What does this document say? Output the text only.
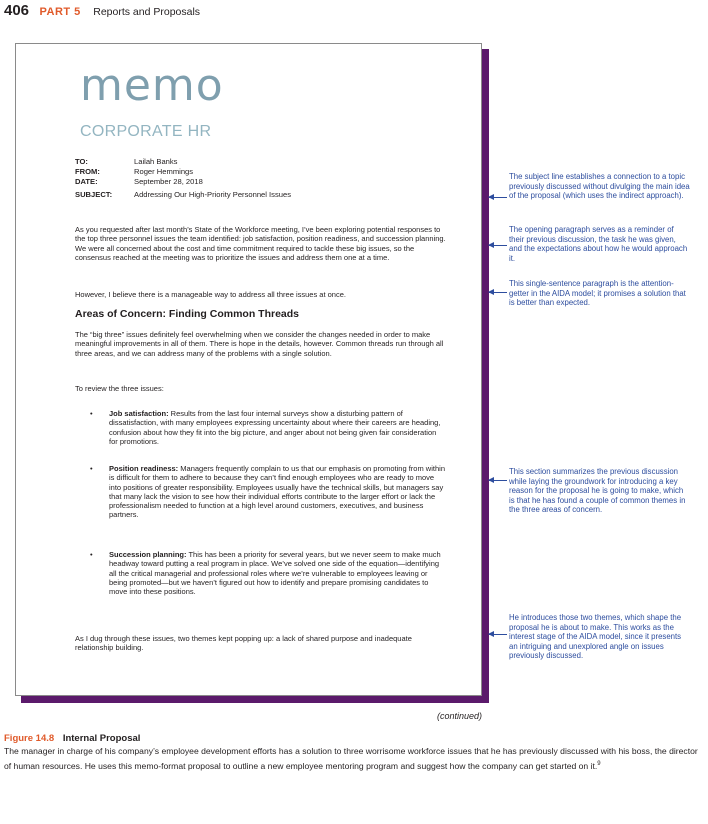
406 PART 5 Reports and Proposals
memo
CORPORATE HR
TO:	Lailah Banks
FROM:	Roger Hemmings
DATE:	September 28, 2018
SUBJECT:	Addressing Our High-Priority Personnel Issues
As you requested after last month’s State of the Workforce meeting, I’ve been exploring potential responses to the top three personnel issues the team identified: job satisfaction, position readiness, and succession planning. We were all concerned about the cost and time commitment required to tackle these big issues, so the consensus reached at the meeting was to prioritize the issues and address them one at a time.
However, I believe there is a manageable way to address all three issues at once.
Areas of Concern: Finding Common Threads
The “big three” issues definitely feel overwhelming when we consider the changes needed in order to make meaningful improvements in all of them. There is hope in the details, however. Common threads run through all three areas, and we can address many of the problems with a single solution.
To review the three issues:
• Job satisfaction: Results from the last four internal surveys show a disturbing pattern of dissatisfaction, with many employees expressing uncertainty about where their careers are heading, confusion about how they fit into the big picture, and anger about not being given fair consideration for promotions.
• Position readiness: Managers frequently complain to us that our emphasis on promoting from within is difficult for them to adhere to because they can’t find enough employees who are ready to move into positions of greater responsibility. Employees usually have the technical skills, but managers say that many lack the vision to see how their individual efforts contribute to the larger effort or lack the professionalism needed to function at a high level around customers, executives, and business partners.
• Succession planning: This has been a priority for several years, but we never seem to make much headway toward putting a real program in place. We’ve solved one side of the equation—identifying all the critical managerial and professional roles where we’re vulnerable to employees leaving or being promoted—but we haven’t figured out how to identify and prepare promising candidates to move into these positions.
As I dug through these issues, two themes kept popping up: a lack of shared purpose and inadequate relationship building.
The subject line establishes a connection to a topic previously discussed without divulging the main idea of the proposal (which uses the indirect approach).
The opening paragraph serves as a reminder of their previous discussion, the task he was given, and the expectations about how he would approach it.
This single-sentence paragraph is the attention-getter in the AIDA model; it promises a solution that is better than expected.
This section summarizes the previous discussion while laying the groundwork for introducing a key reason for the proposal he is going to make, which is that he has found a couple of common themes in the three areas of concern.
He introduces those two themes, which shape the proposal he is about to make. This works as the interest stage of the AIDA model, since it presents an intriguing and unexplored angle on issues previously discussed.
(continued)
Figure 14.8 Internal Proposal
The manager in charge of his company’s employee development efforts has a solution to three worrisome workforce issues that he has previously discussed with his boss, the director of human resources. He uses this memo-format proposal to outline a new employee mentoring program and suggest how the company can get started on it.$^9$
